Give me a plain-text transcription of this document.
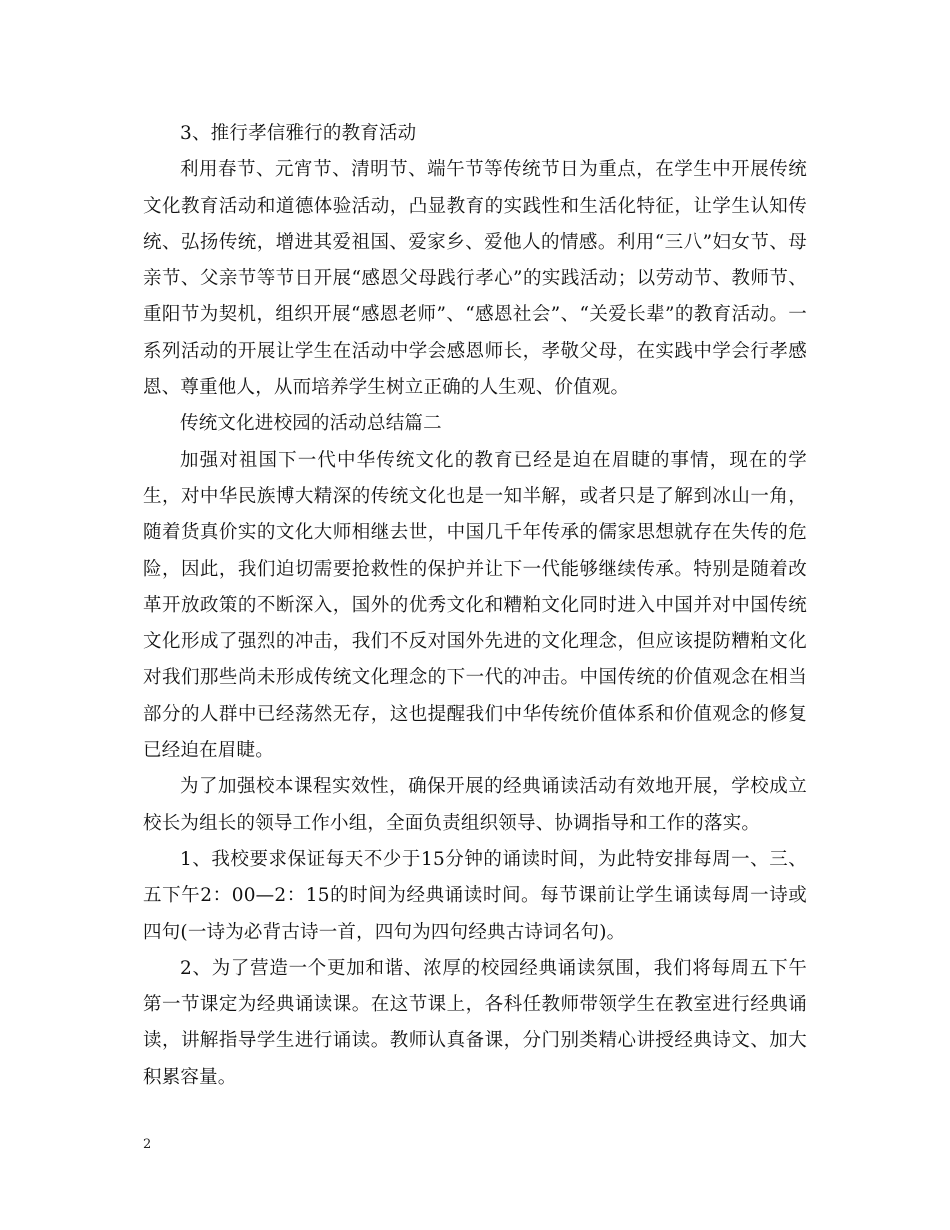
3、推行孝信雅行的教育活动

利用春节、元宵节、清明节、端午节等传统节日为重点，在学生中开展传统文化教育活动和道德体验活动，凸显教育的实践性和生活化特征，让学生认知传统、弘扬传统，增进其爱祖国、爱家乡、爱他人的情感。利用“三八”妇女节、母亲节、父亲节等节日开展“感恩父母践行孝心”的实践活动；以劳动节、教师节、重阳节为契机，组织开展“感恩老师”、“感恩社会”、“关爱长辈”的教育活动。一系列活动的开展让学生在活动中学会感恩师长，孝敬父母，在实践中学会行孝感恩、尊重他人，从而培养学生树立正确的人生观、价值观。

传统文化进校园的活动总结篇二

加强对祖国下一代中华传统文化的教育已经是迫在眉睫的事情，现在的学生，对中华民族博大精深的传统文化也是一知半解，或者只是了解到冰山一角，随着货真价实的文化大师相继去世，中国几千年传承的儒家思想就存在失传的危险，因此，我们迫切需要抢救性的保护并让下一代能够继续传承。特别是随着改革开放政策的不断深入，国外的优秀文化和糟粕文化同时进入中国并对中国传统文化形成了强烈的冲击，我们不反对国外先进的文化理念，但应该提防糟粕文化对我们那些尚未形成传统文化理念的下一代的冲击。中国传统的价值观念在相当部分的人群中已经荡然无存，这也提醒我们中华传统价值体系和价值观念的修复已经迫在眉睫。

为了加强校本课程实效性，确保开展的经典诵读活动有效地开展，学校成立校长为组长的领导工作小组，全面负责组织领导、协调指导和工作的落实。

1、我校要求保证每天不少于15分钟的诵读时间，为此特安排每周一、三、五下午2：00—2：15的时间为经典诵读时间。每节课前让学生诵读每周一诗或四句(一诗为必背古诗一首，四句为四句经典古诗词名句)。

2、为了营造一个更加和谐、浓厚的校园经典诵读氛围，我们将每周五下午第一节课定为经典诵读课。在这节课上，各科任教师带领学生在教室进行经典诵读，讲解指导学生进行诵读。教师认真备课，分门别类精心讲授经典诗文、加大积累容量。

2
